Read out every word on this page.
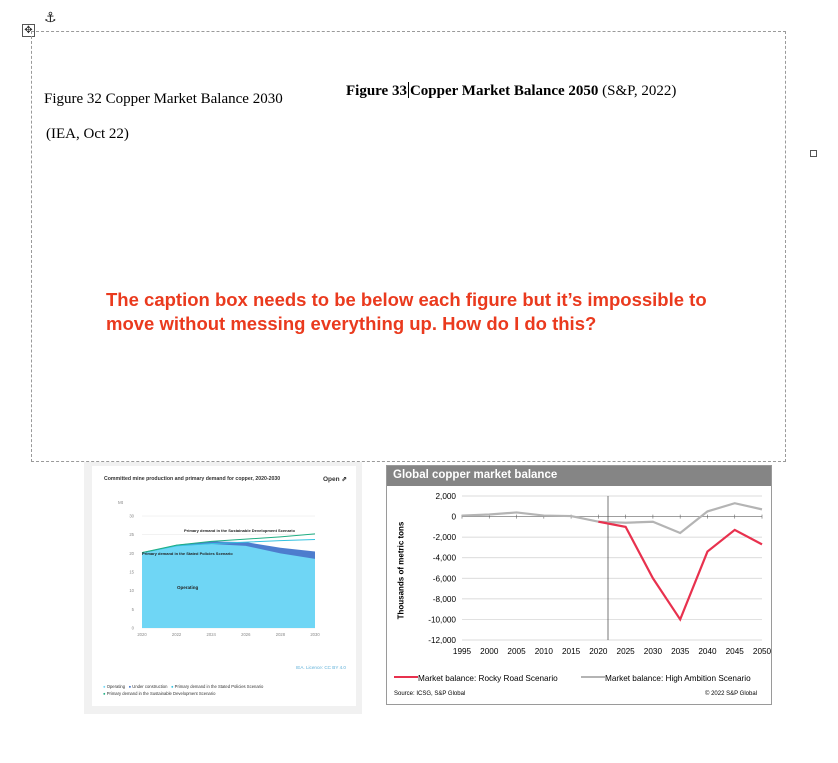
⚓︎
✥
Figure 32 Copper Market Balance 2030
(IEA, Oct 22)
Figure 33 Copper Market Balance 2050 (S&P, 2022)
The caption box needs to be below each figure but it’s impossible to move without messing everything up. How do I do this?
Committed mine production and primary demand for copper, 2020-2030	Open ⇗
Mt
0
5
10
15
20
25
30
2020	2022	2024	2026	2028	2030
Primary demand in the Sustainable Development Scenario
Primary demand in the Stated Policies Scenario
Operating
IEA. Licence: CC BY 4.0
● Operating ● Under construction ● Primary demand in the Stated Policies Scenario
● Primary demand in the Sustainable Development Scenario
Global copper market balance
Thousands of metric tons
2,000
0
-2,000
-4,000
-6,000
-8,000
-10,000
-12,000
1995 2000 2005 2010 2015 2020 2025 2030 2035 2040 2045 2050
Market balance: Rocky Road Scenario	Market balance: High Ambition Scenario
Source: ICSG, S&P Global	© 2022 S&P Global
